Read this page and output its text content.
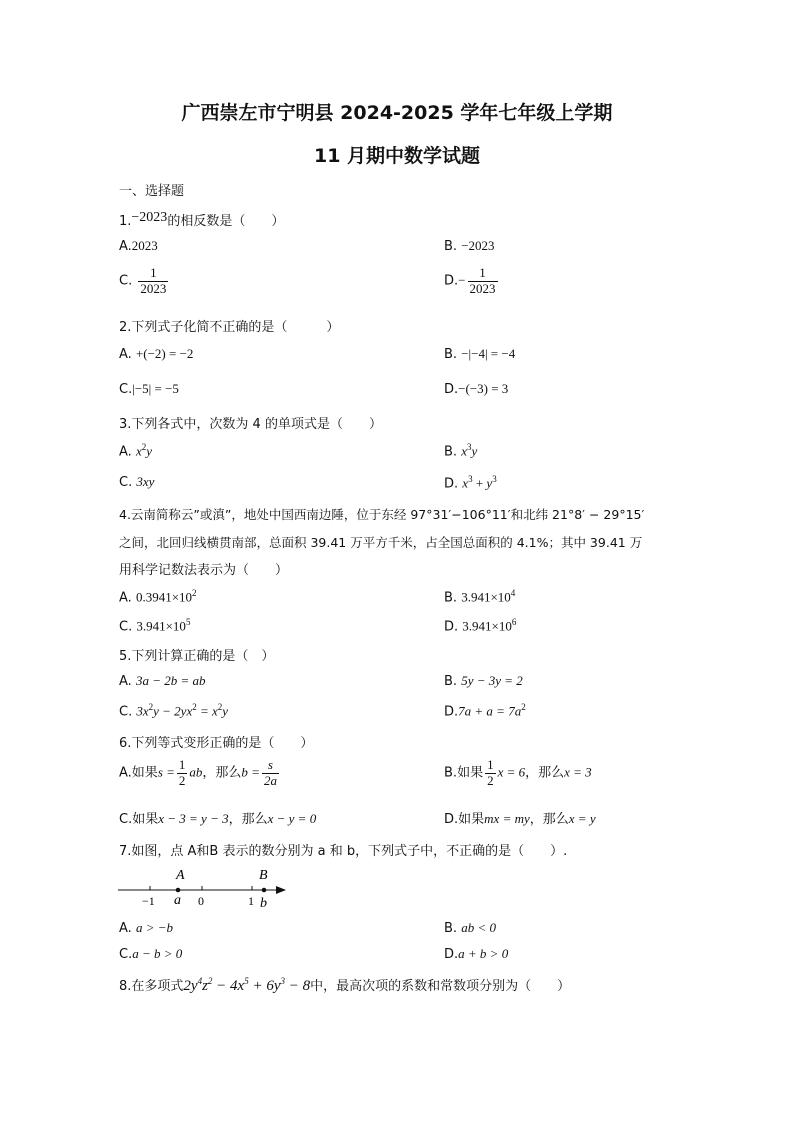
广西崇左市宁明县 2024-2025 学年七年级上学期
11 月期中数学试题
一、选择题
1.−2023的相反数是（　　）
A.2023	B. −2023
C. $\frac{1}{2023}$	$D.- \frac{1}{2023}$
2.下列式子化简不正确的是（　　　）
A. +(−2) = −2	B. −|−4| = −4
C.|−5| = −5	D.−(−3) = 3
3.下列各式中，次数为 4 的单项式是（　　）
A. $x^2y$	B. $x^3y$
C. 3xy	D. $x^3 + y^3$
4.云南简称云”或滇”，地处中国西南边陲，位于东经 97°31′−106°11′和北纬 21°8′ − 29°15′
之间，北回归线横贯南部，总面积 39.41 万平方千米，占全国总面积的 4.1%；其中 39.41 万
用科学记数法表示为（　　）
A. $0.3941\times 10^2$	B. $3.941\times 10^4$
C. $3.941\times 10^5$	D. $3.941\times 10^6$
5.下列计算正确的是（　）
A. 3a − 2b = ab	B. 5y − 3y = 2
C. $3x^2y - 2yx^2 = x^2y$	$D.7a + a = 7a^2$
6.下列等式变形正确的是（　　）
A.如果$s = \frac{1}{2}$ ab，那么$b = \frac{s}{2a}$	B.如果 $\frac{1}{2}$ x = 6，那么x = 3
C.如果x − 3 = y − 3，那么x − y = 0	D.如果mx = my，那么x = y
7.如图，点 A和B 表示的数分别为 a 和 b，下列式子中，不正确的是（　　）.
A	B
−1 a 0	1 b
A. a > −b	B. ab < 0
C.a − b > 0	D.a + b > 0
8.在多项式$2y^4z^2 - 4x^5 + 6y^3 - 8$中，最高次项的系数和常数项分别为（　　）
